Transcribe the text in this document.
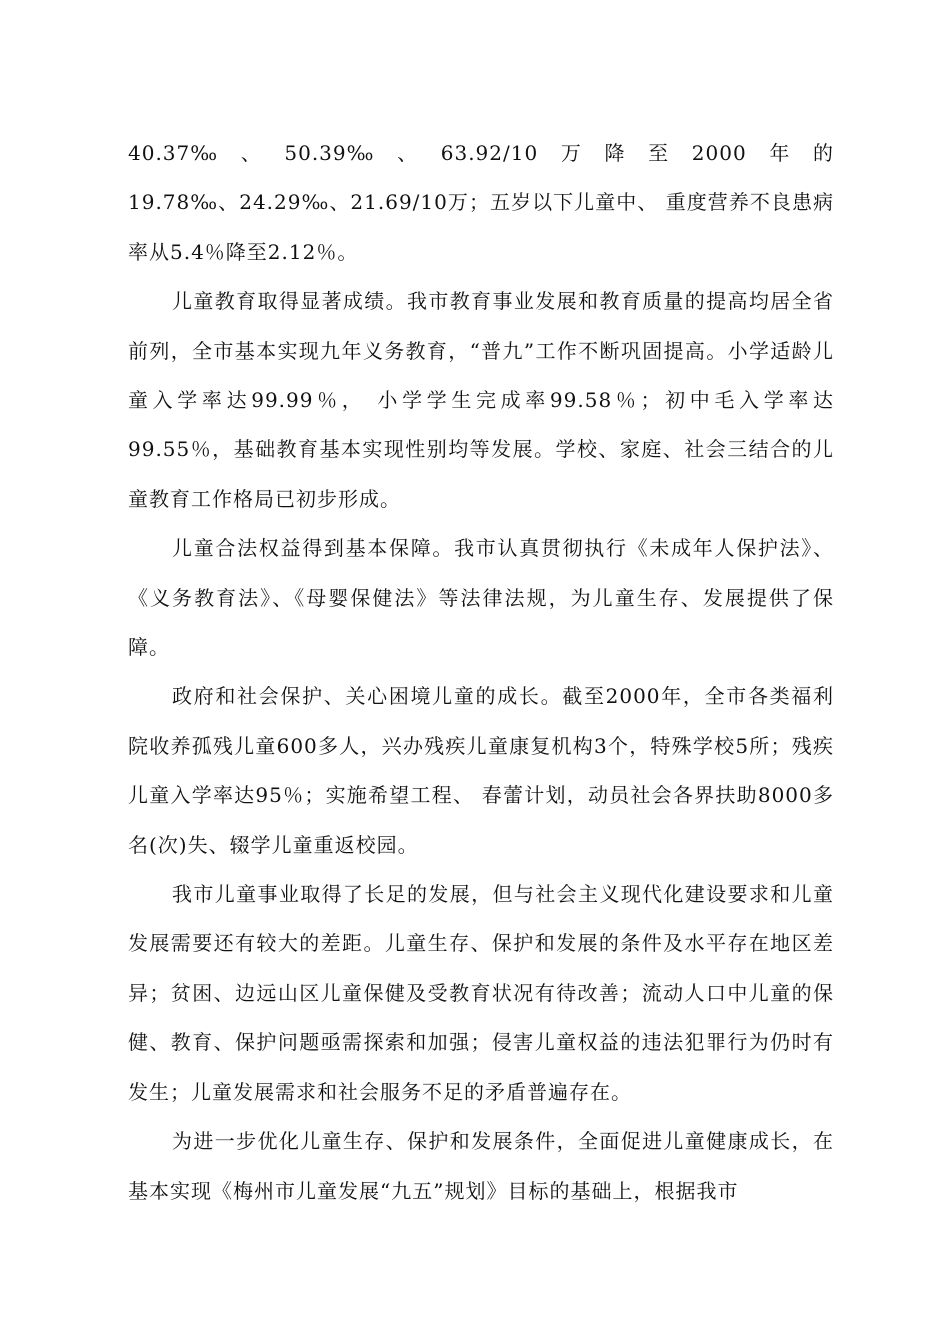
40.37‰ 、 50.39‰ 、 63.92/10 万 降 至 2000 年 的

19.78‰、24.29‰、21.69/10万；五岁以下儿童中、 重度营养不良患病率从5.4％降至2.12％。

儿童教育取得显著成绩。我市教育事业发展和教育质量的提高均居全省前列，全市基本实现九年义务教育，“普九”工作不断巩固提高。小学适龄儿童入学率达99.99％， 小学学生完成率99.58％；初中毛入学率达99.55％，基础教育基本实现性别均等发展。学校、家庭、社会三结合的儿童教育工作格局已初步形成。

儿童合法权益得到基本保障。我市认真贯彻执行《未成年人保护法》、《义务教育法》、《母婴保健法》等法律法规，为儿童生存、发展提供了保障。

政府和社会保护、关心困境儿童的成长。截至2000年，全市各类福利院收养孤残儿童600多人，兴办残疾儿童康复机构3个，特殊学校5所；残疾儿童入学率达95％；实施希望工程、 春蕾计划，动员社会各界扶助8000多名(次)失、辍学儿童重返校园。

我市儿童事业取得了长足的发展，但与社会主义现代化建设要求和儿童发展需要还有较大的差距。儿童生存、保护和发展的条件及水平存在地区差异；贫困、边远山区儿童保健及受教育状况有待改善；流动人口中儿童的保健、教育、保护问题亟需探索和加强；侵害儿童权益的违法犯罪行为仍时有发生；儿童发展需求和社会服务不足的矛盾普遍存在。

为进一步优化儿童生存、保护和发展条件，全面促进儿童健康成长，在基本实现《梅州市儿童发展“九五”规划》目标的基础上，根据我市
